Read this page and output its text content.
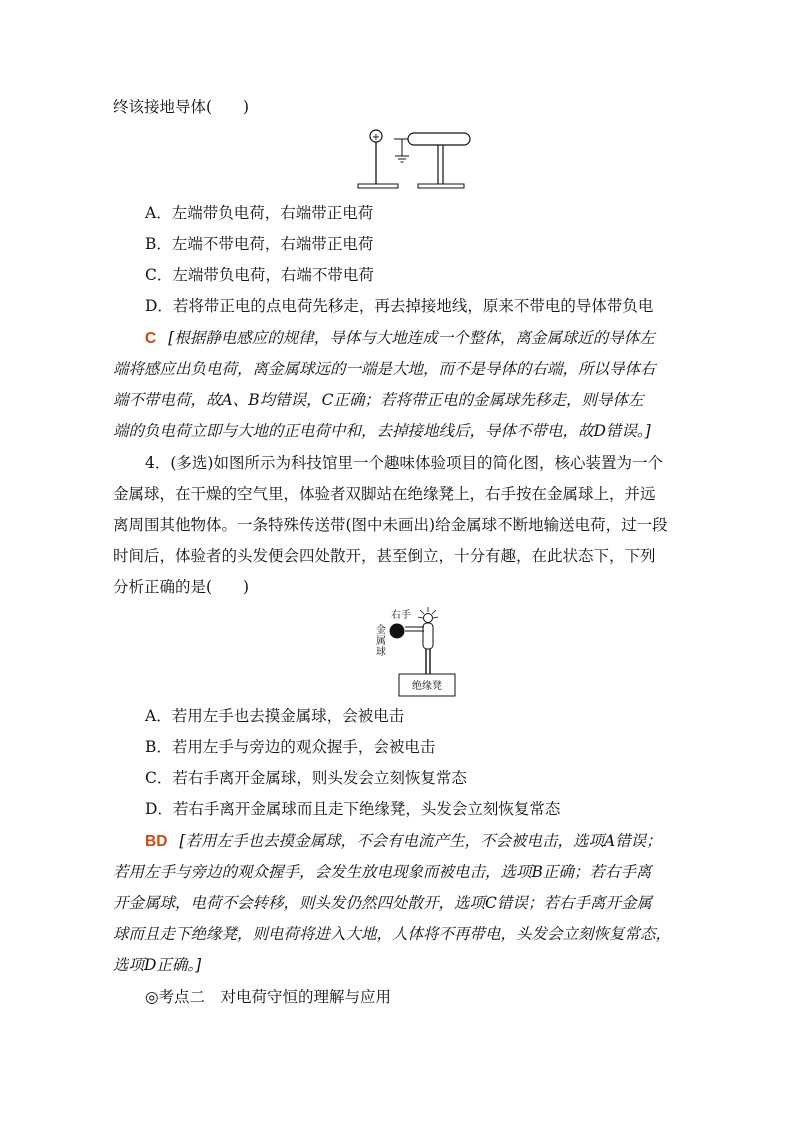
终该接地导体(　　)
+
A．左端带负电荷，右端带正电荷
B．左端不带电荷，右端带正电荷
C．左端带负电荷，右端不带电荷
D．若将带正电的点电荷先移走，再去掉接地线，原来不带电的导体带负电
C [根据静电感应的规律，导体与大地连成一个整体，离金属球近的导体左
端将感应出负电荷，离金属球远的一端是大地，而不是导体的右端，所以导体右
端不带电荷，故A、B均错误，C正确；若将带正电的金属球先移走，则导体左
端的负电荷立即与大地的正电荷中和，去掉接地线后，导体不带电，故D错误。]
4．(多选)如图所示为科技馆里一个趣味体验项目的简化图，核心装置为一个
金属球，在干燥的空气里，体验者双脚站在绝缘凳上，右手按在金属球上，并远
离周围其他物体。一条特殊传送带(图中未画出)给金属球不断地输送电荷，过一段
时间后，体验者的头发便会四处散开，甚至倒立，十分有趣，在此状态下，下列
分析正确的是(　　)
金
属
球
右手
绝缘凳
A．若用左手也去摸金属球，会被电击
B．若用左手与旁边的观众握手，会被电击
C．若右手离开金属球，则头发会立刻恢复常态
D．若右手离开金属球而且走下绝缘凳，头发会立刻恢复常态
BD [若用左手也去摸金属球，不会有电流产生，不会被电击，选项A错误；
若用左手与旁边的观众握手，会发生放电现象而被电击，选项B正确；若右手离
开金属球，电荷不会转移，则头发仍然四处散开，选项C错误；若右手离开金属
球而且走下绝缘凳，则电荷将进入大地，人体将不再带电，头发会立刻恢复常态，
选项D正确。]
◎考点二　对电荷守恒的理解与应用
